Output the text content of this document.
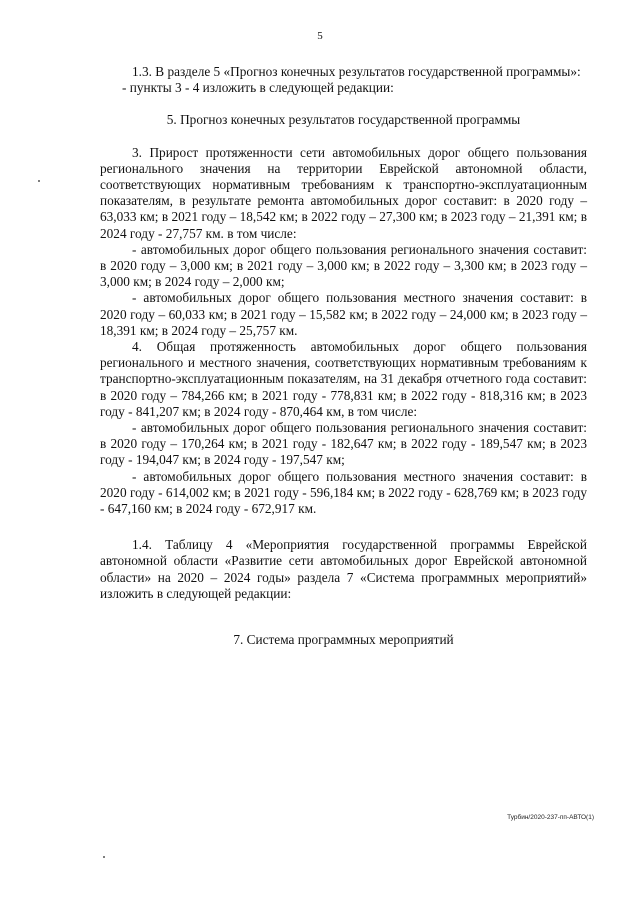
5

1.3. В разделе 5 «Прогноз конечных результатов государственной программы»:

- пункты 3 - 4 изложить в следующей редакции:

5. Прогноз конечных результатов государственной программы

3. Прирост протяженности сети автомобильных дорог общего пользования регионального значения на территории Еврейской автономной области, соответствующих нормативным требованиям к транспортно-эксплуатационным показателям, в результате ремонта автомобильных дорог составит: в 2020 году – 63,033 км; в 2021 году – 18,542 км; в 2022 году – 27,300 км; в 2023 году – 21,391 км; в 2024 году - 27,757 км. в том числе:

- автомобильных дорог общего пользования регионального значения составит: в 2020 году – 3,000 км; в 2021 году – 3,000 км; в 2022 году – 3,300 км; в 2023 году – 3,000 км; в 2024 году – 2,000 км;

- автомобильных дорог общего пользования местного значения составит: в 2020 году – 60,033 км; в 2021 году – 15,582 км; в 2022 году – 24,000 км; в 2023 году – 18,391 км; в 2024 году – 25,757 км.

4. Общая протяженность автомобильных дорог общего пользования регионального и местного значения, соответствующих нормативным требованиям к транспортно-эксплуатационным показателям, на 31 декабря отчетного года составит: в 2020 году – 784,266 км; в 2021 году - 778,831 км; в 2022 году - 818,316 км; в 2023 году - 841,207 км; в 2024 году - 870,464 км, в том числе:

- автомобильных дорог общего пользования регионального значения составит: в 2020 году – 170,264 км; в 2021 году - 182,647 км; в 2022 году - 189,547 км; в 2023 году - 194,047 км; в 2024 году - 197,547 км;

- автомобильных дорог общего пользования местного значения составит: в 2020 году - 614,002 км; в 2021 году - 596,184 км; в 2022 году - 628,769 км; в 2023 году - 647,160 км; в 2024 году - 672,917 км.

1.4. Таблицу 4 «Мероприятия государственной программы Еврейской автономной области «Развитие сети автомобильных дорог Еврейской автономной области» на 2020 – 2024 годы» раздела 7 «Система программных мероприятий» изложить в следующей редакции:

7. Система программных мероприятий

Турбин/2020-237-пп-АВТО(1)
